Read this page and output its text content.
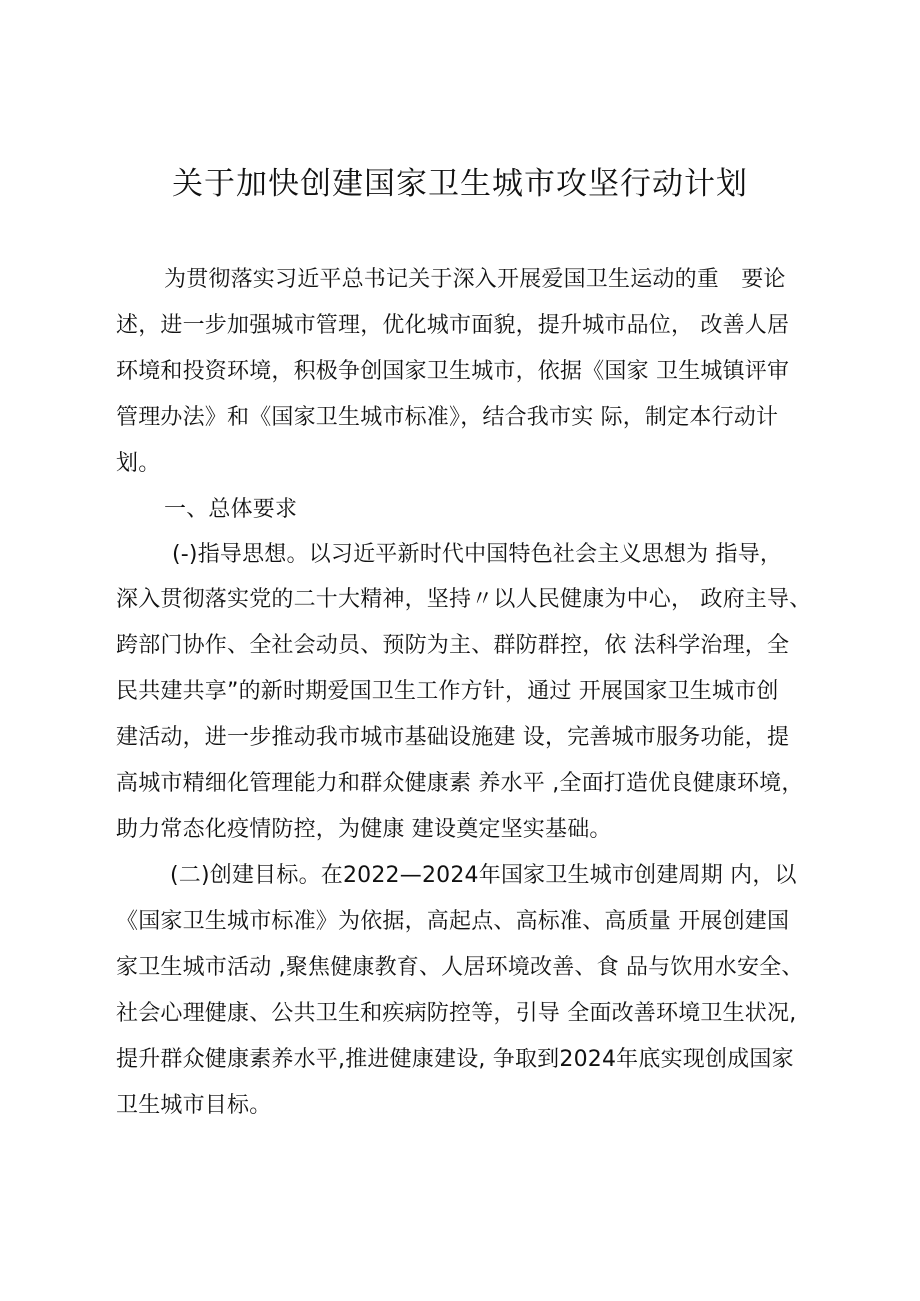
关于加快创建国家卫生城市攻坚行动计划
为贯彻落实习近平总书记关于深入开展爱国卫生运动的重　要论
述，进一步加强城市管理，优化城市面貌，提升城市品位， 改善人居
环境和投资环境，积极争创国家卫生城市，依据《国家 卫生城镇评审
管理办法》和《国家卫生城市标准》，结合我市实 际，制定本行动计
划。
一、总体要求
(-)指导思想。以习近平新时代中国特色社会主义思想为 指导，
深入贯彻落实党的二十大精神，坚持〃以人民健康为中心， 政府主导、
跨部门协作、全社会动员、预防为主、群防群控，依 法科学治理，全
民共建共享”的新时期爱国卫生工作方针，通过 开展国家卫生城市创
建活动，进一步推动我市城市基础设施建 设，完善城市服务功能，提
高城市精细化管理能力和群众健康素 养水平 ,全面打造优良健康环境，
助力常态化疫情防控，为健康 建设奠定坚实基础。
(二)创建目标。在2022—2024年国家卫生城市创建周期 内，以
《国家卫生城市标准》为依据，高起点、高标准、高质量 开展创建国
家卫生城市活动 ,聚焦健康教育、人居环境改善、食 品与饮用水安全、
社会心理健康、公共卫生和疾病防控等，引导 全面改善环境卫生状况,
提升群众健康素养水平,推进健康建设, 争取到2024年底实现创成国家
卫生城市目标。
